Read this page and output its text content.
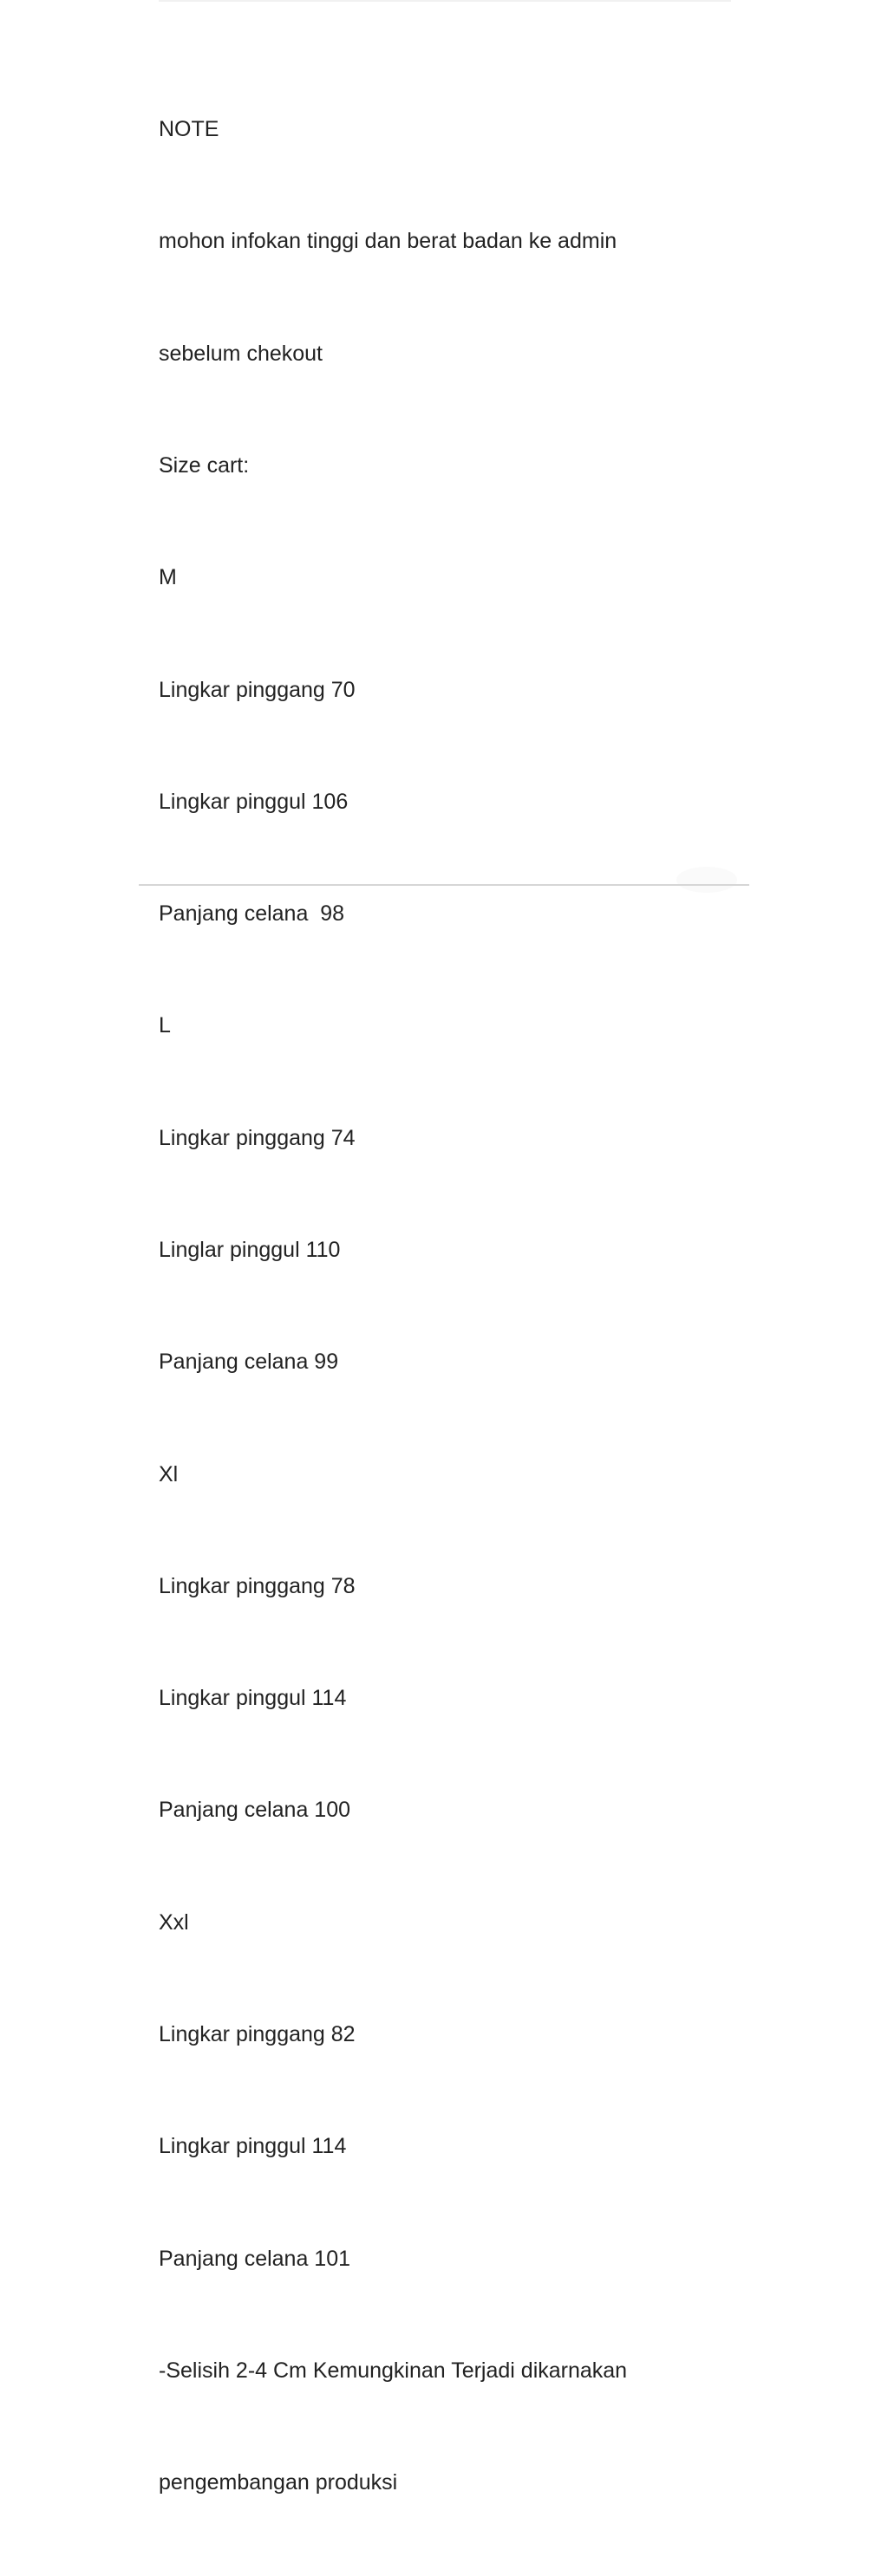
NOTE

mohon infokan tinggi dan berat badan ke admin

sebelum chekout

Size cart:

M

Lingkar pinggang 70

Lingkar pinggul 106

Panjang celana  98

L

Lingkar pinggang 74

Linglar pinggul 110

Panjang celana 99

Xl

Lingkar pinggang 78

Lingkar pinggul 114

Panjang celana 100

Xxl

Lingkar pinggang 82

Lingkar pinggul 114

Panjang celana 101

-Selisih 2-4 Cm Kemungkinan Terjadi dikarnakan

pengembangan produksi
